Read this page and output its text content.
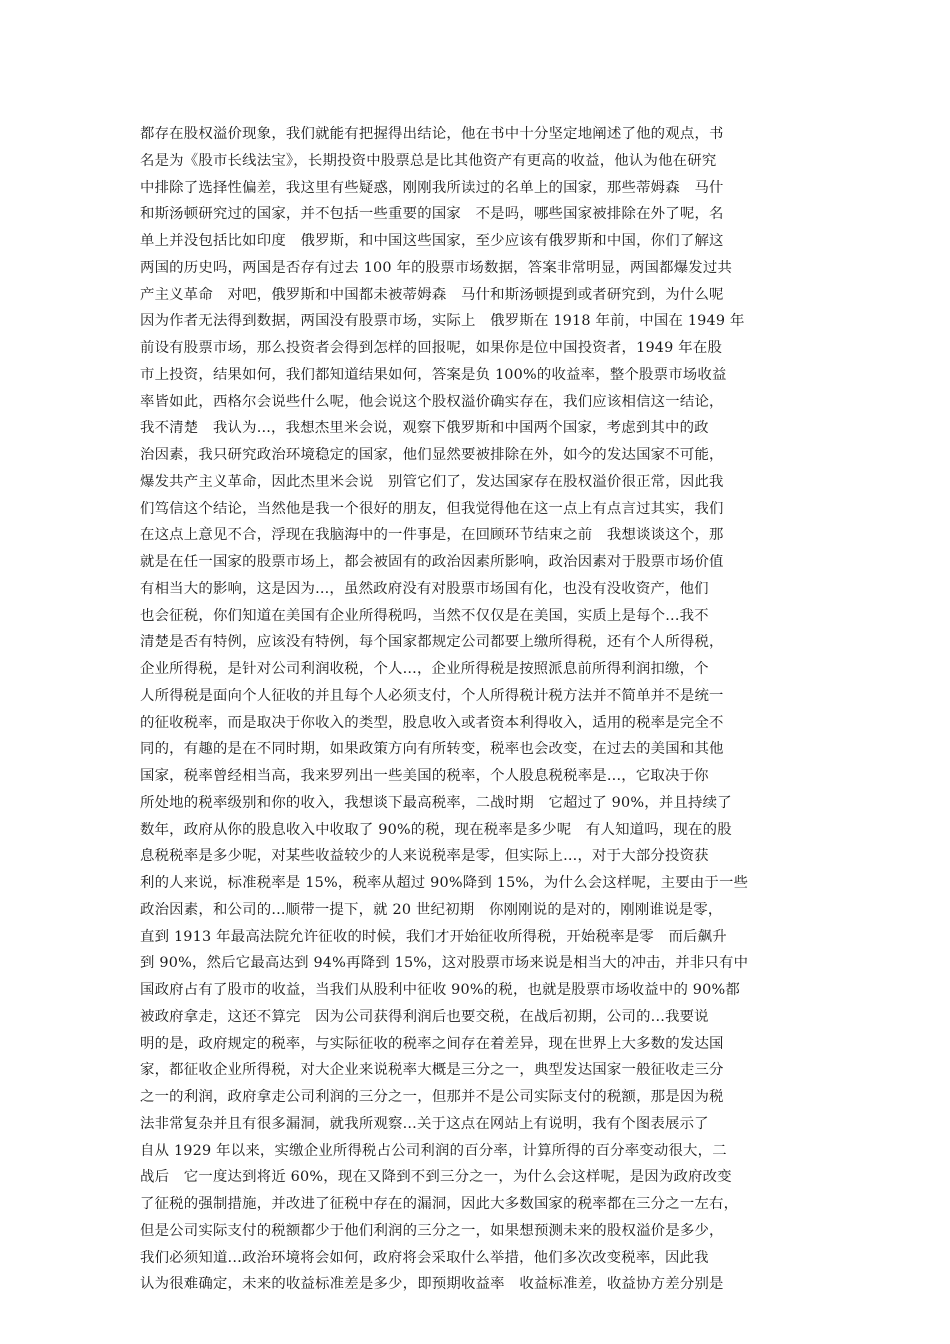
都存在股权溢价现象，我们就能有把握得出结论，他在书中十分坚定地阐述了他的观点，书
名是为《股市长线法宝》，长期投资中股票总是比其他资产有更高的收益，他认为他在研究
中排除了选择性偏差，我这里有些疑惑，刚刚我所读过的名单上的国家，那些蒂姆森　马什
和斯汤顿研究过的国家，并不包括一些重要的国家　不是吗，哪些国家被排除在外了呢，名
单上并没包括比如印度　俄罗斯，和中国这些国家，至少应该有俄罗斯和中国，你们了解这
两国的历史吗，两国是否存有过去 100 年的股票市场数据，答案非常明显，两国都爆发过共
产主义革命　对吧，俄罗斯和中国都未被蒂姆森　马什和斯汤顿提到或者研究到，为什么呢
因为作者无法得到数据，两国没有股票市场，实际上　俄罗斯在 1918 年前，中国在 1949 年
前设有股票市场，那么投资者会得到怎样的回报呢，如果你是位中国投资者，1949 年在股
市上投资，结果如何，我们都知道结果如何，答案是负 100%的收益率，整个股票市场收益
率皆如此，西格尔会说些什么呢，他会说这个股权溢价确实存在，我们应该相信这一结论，
我不清楚　我认为...，我想杰里米会说，观察下俄罗斯和中国两个国家，考虑到其中的政
治因素，我只研究政治环境稳定的国家，他们显然要被排除在外，如今的发达国家不可能，
爆发共产主义革命，因此杰里米会说　别管它们了，发达国家存在股权溢价很正常，因此我
们笃信这个结论，当然他是我一个很好的朋友，但我觉得他在这一点上有点言过其实，我们
在这点上意见不合，浮现在我脑海中的一件事是，在回顾环节结束之前　我想谈谈这个，那
就是在任一国家的股票市场上，都会被固有的政治因素所影响，政治因素对于股票市场价值
有相当大的影响，这是因为...，虽然政府没有对股票市场国有化，也没有没收资产，他们
也会征税，你们知道在美国有企业所得税吗，当然不仅仅是在美国，实质上是每个...我不
清楚是否有特例，应该没有特例，每个国家都规定公司都要上缴所得税，还有个人所得税，
企业所得税，是针对公司利润收税，个人...，企业所得税是按照派息前所得利润扣缴，个
人所得税是面向个人征收的并且每个人必须支付，个人所得税计税方法并不简单并不是统一
的征收税率，而是取决于你收入的类型，股息收入或者资本利得收入，适用的税率是完全不
同的，有趣的是在不同时期，如果政策方向有所转变，税率也会改变，在过去的美国和其他
国家，税率曾经相当高，我来罗列出一些美国的税率，个人股息税税率是...，它取决于你
所处地的税率级别和你的收入，我想谈下最高税率，二战时期　它超过了 90%，并且持续了
数年，政府从你的股息收入中收取了 90%的税，现在税率是多少呢　有人知道吗，现在的股
息税税率是多少呢，对某些收益较少的人来说税率是零，但实际上...，对于大部分投资获
利的人来说，标准税率是 15%，税率从超过 90%降到 15%，为什么会这样呢，主要由于一些
政治因素，和公司的...顺带一提下，就 20 世纪初期　你刚刚说的是对的，刚刚谁说是零，
直到 1913 年最高法院允许征收的时候，我们才开始征收所得税，开始税率是零　而后飙升
到 90%，然后它最高达到 94%再降到 15%，这对股票市场来说是相当大的冲击，并非只有中
国政府占有了股市的收益，当我们从股利中征收 90%的税，也就是股票市场收益中的 90%都
被政府拿走，这还不算完　因为公司获得利润后也要交税，在战后初期，公司的...我要说
明的是，政府规定的税率，与实际征收的税率之间存在着差异，现在世界上大多数的发达国
家，都征收企业所得税，对大企业来说税率大概是三分之一，典型发达国家一般征收走三分
之一的利润，政府拿走公司利润的三分之一，但那并不是公司实际支付的税额，那是因为税
法非常复杂并且有很多漏洞，就我所观察...关于这点在网站上有说明，我有个图表展示了
自从 1929 年以来，实缴企业所得税占公司利润的百分率，计算所得的百分率变动很大，二
战后　它一度达到将近 60%，现在又降到不到三分之一，为什么会这样呢，是因为政府改变
了征税的强制措施，并改进了征税中存在的漏洞，因此大多数国家的税率都在三分之一左右，
但是公司实际支付的税额都少于他们利润的三分之一，如果想预测未来的股权溢价是多少，
我们必须知道...政治环境将会如何，政府将会采取什么举措，他们多次改变税率，因此我
认为很难确定，未来的收益标准差是多少，即预期收益率　收益标准差，收益协方差分别是
